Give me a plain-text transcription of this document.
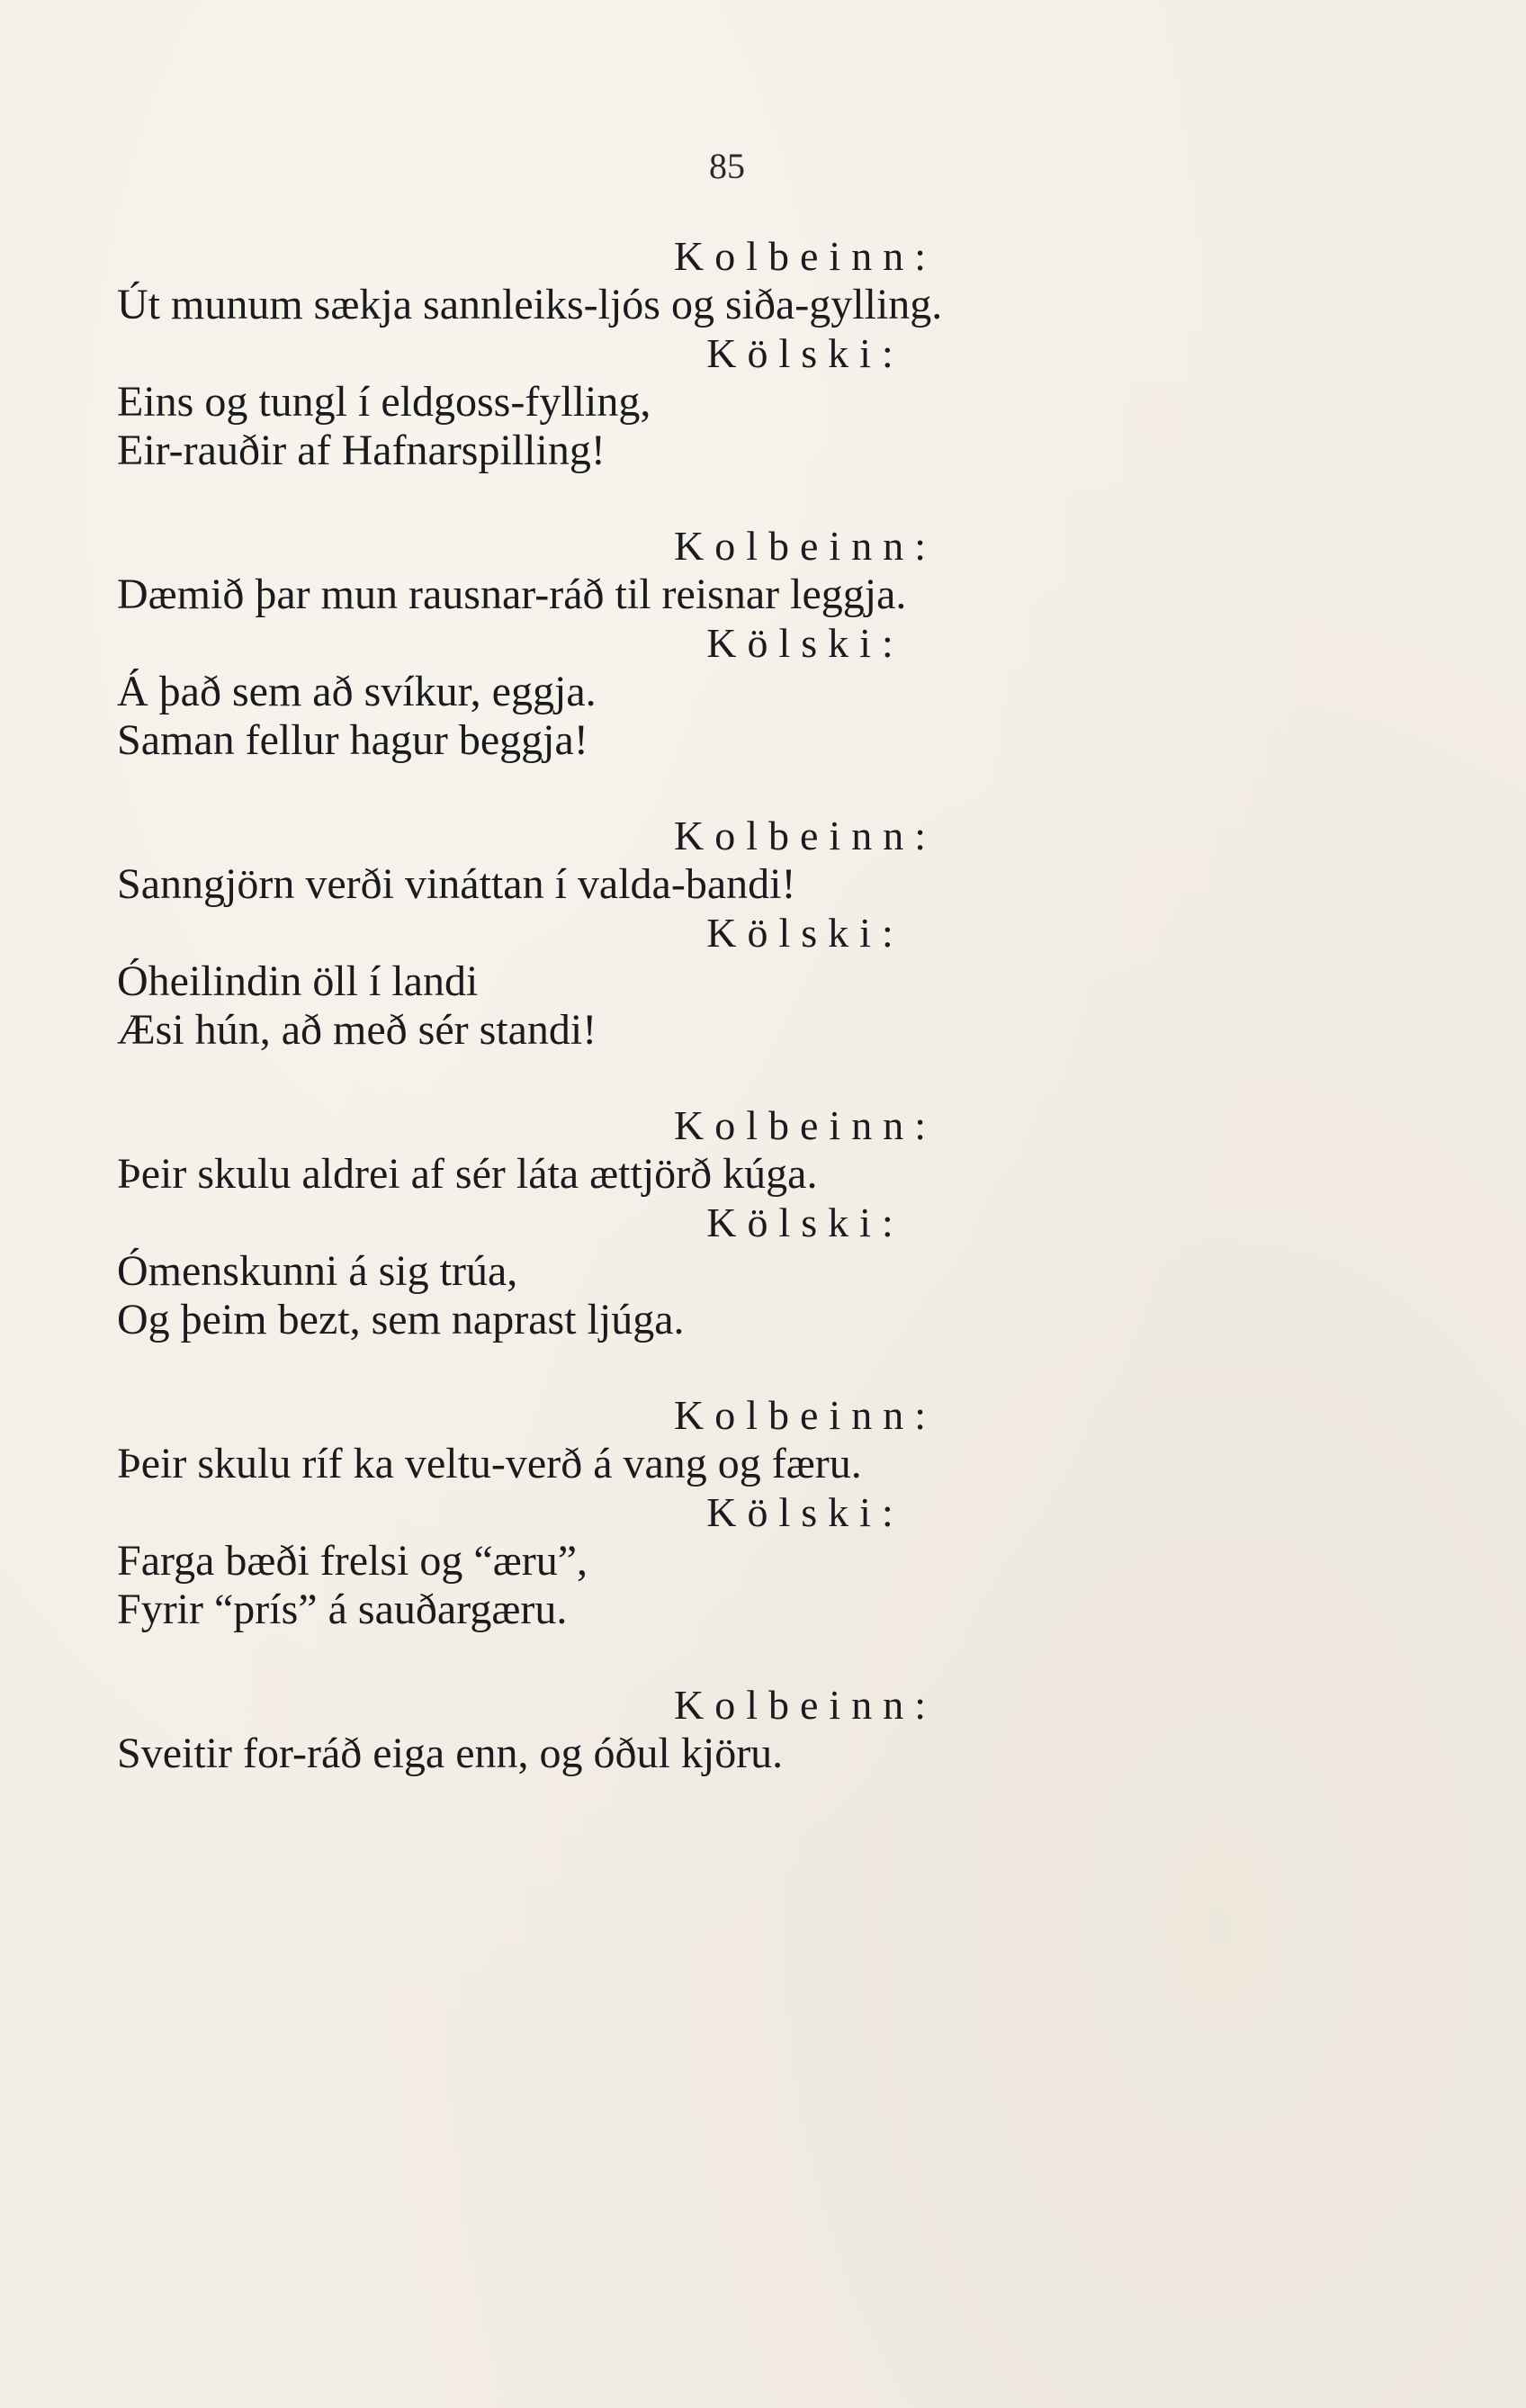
85

Kolbeinn:

Út munum sækja sannleiks-ljós og siða-gylling.

Kölski:

Eins og tungl í eldgoss-fylling,

Eir-rauðir af Hafnarspilling!

Kolbeinn:

Dæmið þar mun rausnar-ráð til reisnar leggja.

Kölski:

Á það sem að svíkur, eggja.

Saman fellur hagur beggja!

Kolbeinn:

Sanngjörn verði vináttan í valda-bandi!

Kölski:

Óheilindin öll í landi

Æsi hún, að með sér standi!

Kolbeinn:

Þeir skulu aldrei af sér láta ættjörð kúga.

Kölski:

Ómenskunni á sig trúa,

Og þeim bezt, sem naprast ljúga.

Kolbeinn:

Þeir skulu ríf ka veltu-verð á vang og færu.

Kölski:

Farga bæði frelsi og “æru”,

Fyrir “prís” á sauðargæru.

Kolbeinn:

Sveitir for-ráð eiga enn, og óðul kjöru.
